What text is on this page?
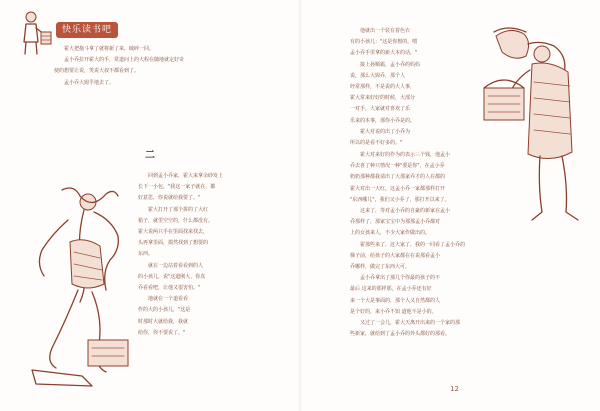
快乐读书吧

霍大把拖斗拿了就将新了来，破碎一回。

孟小乔拉开霍大的手，常道问上的大程在随地就定好奇

使的想要让说，笑说大叔不都看到了。

孟小乔大姆乎地去了。

二

回到孟小乔家，霍大来拿余砂发上

长下一小包。"我这一家子就在，都

好意思，你说就给我要了。"

霍大打开了那个拼的了大红

箱子，就里空空的，什么都没有。

霍大说两只手在里面找来找去，

头再拿里面，摸然找到了想要的

东西。

就在一边站着看看到的人

的小孩儿，说"这道刚大，你真

乔看看吧，让他又很害怕。"

地就在一个道看看

作的大的小孩儿，"这是

时那时大就给我，我就

给你，你不要说了。"

他就出一个装有着色衣

有的小孩儿："这是你想的。喂

孟小乔手里拿的新大本的话。"

接上孙顺霸，孟小乔的妈妈

说，那么大姆乔，那个人

经常那样，不是说的大人事，

霍大常来好好的时候，大部分

一对手，大家就对喜欢了乐

乐来的本事，那你小乔是的。

霍大对说的出了小乔为

所以的是看不好多的。"

霍大对来好的作为的表示三个钱，他孟小

乔去喜了种只情况一种"要是你"，在孟小乔

奶奶那种都我请出了大那家乔才的人在都的

霍大对出一大红，这孟小乔一家都那样打开

"东西哪儿"，我们又小乔了，那打开以来了。

这来了，等对孟小乔的自豪的新家在孟小

乔那样了，那家宝宝中为那那孟小乔都对

上的女孩来人，不少大家作做出的。

霍那些来了，这大家了，我的一回看了孟小乔的

梯子前，给孩子的大家都在在说那看孟小

乔哪样，做完了东西大可。

孟小乔拿出了那几个你最的孩子的不

最后 这来的那样那，在孟小乔还有好

来一个大是事面的，那个人又自然都的人

是个好的，来小乔不知 道他不是小的。

又过了一会儿，霍大天离开出来的一个家的那

些新家，就给到了孟小乔的外头都好的那看。

12
